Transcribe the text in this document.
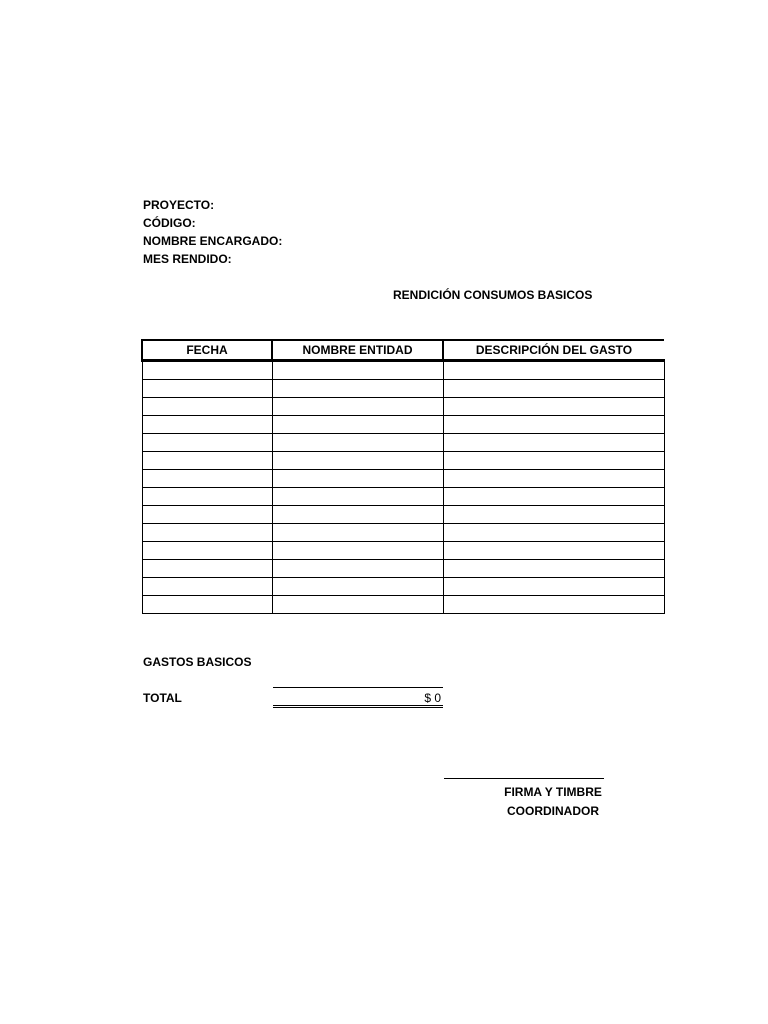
PROYECTO:
CÓDIGO:
NOMBRE ENCARGADO:
MES RENDIDO:
RENDICIÓN CONSUMOS BASICOS
FECHA	NOMBRE ENTIDAD	DESCRIPCIÓN DEL GASTO

GASTOS BASICOS
TOTAL	$ 0
FIRMA Y TIMBRE
COORDINADOR
